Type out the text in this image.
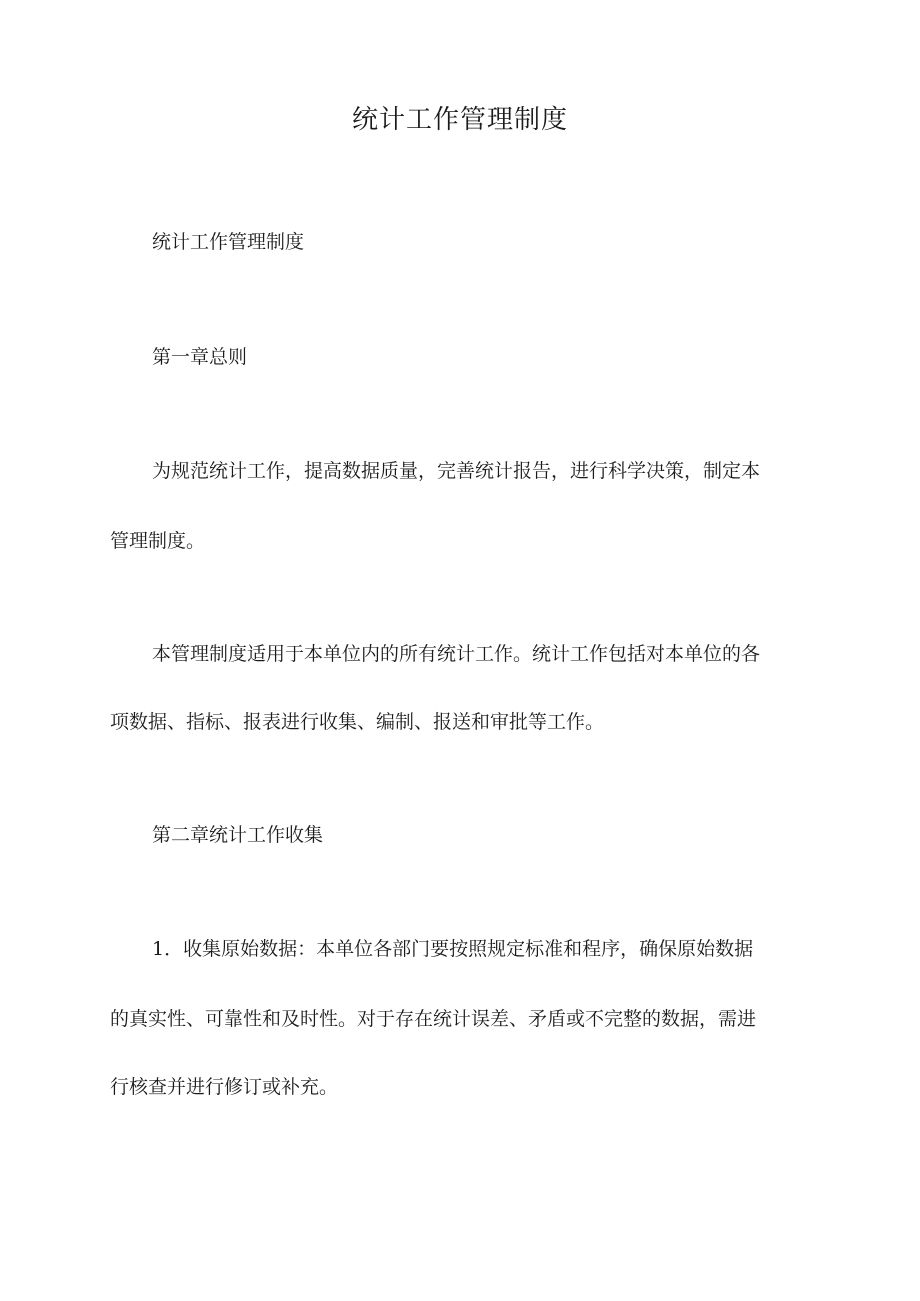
统计工作管理制度
统计工作管理制度
第一章总则
为规范统计工作，提高数据质量，完善统计报告，进行科学决策，制定本
管理制度。
本管理制度适用于本单位内的所有统计工作。统计工作包括对本单位的各
项数据、指标、报表进行收集、编制、报送和审批等工作。
第二章统计工作收集
1．收集原始数据：本单位各部门要按照规定标准和程序，确保原始数据
的真实性、可靠性和及时性。对于存在统计误差、矛盾或不完整的数据，需进
行核查并进行修订或补充。
